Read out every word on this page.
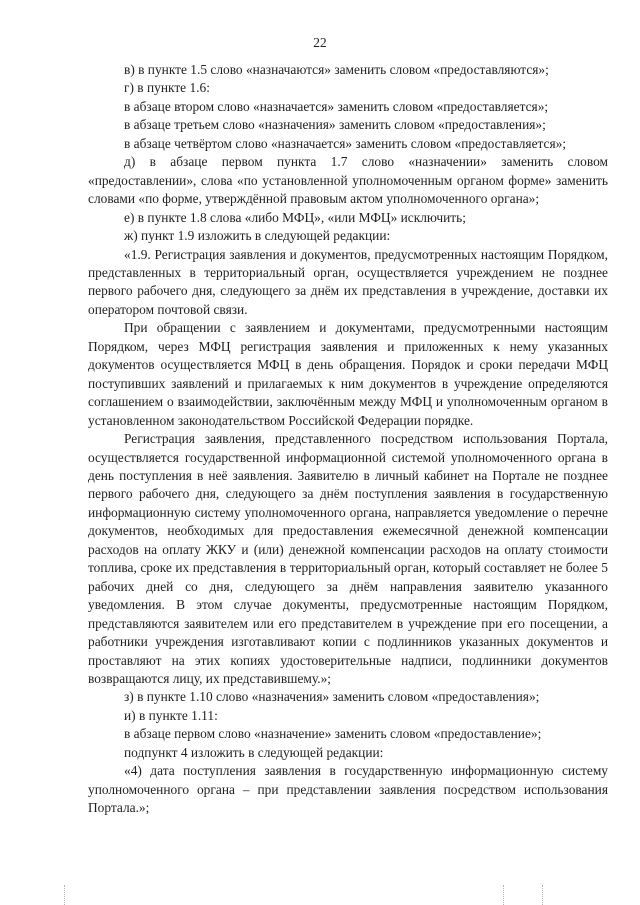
22

в) в пункте 1.5 слово «назначаются» заменить словом «предоставляются»;

г) в пункте 1.6:

в абзаце втором слово «назначается» заменить словом «предоставляется»;

в абзаце третьем слово «назначения» заменить словом «предоставления»;

в абзаце четвёртом слово «назначается» заменить словом «предоставляется»;

д) в абзаце первом пункта 1.7 слово «назначении» заменить словом «предоставлении», слова «по установленной уполномоченным органом форме» заменить словами «по форме, утверждённой правовым актом уполномоченного органа»;

е) в пункте 1.8 слова «либо МФЦ», «или МФЦ» исключить;

ж) пункт 1.9 изложить в следующей редакции:

«1.9. Регистрация заявления и документов, предусмотренных настоящим Порядком, представленных в территориальный орган, осуществляется учреждением не позднее первого рабочего дня, следующего за днём их представления в учреждение, доставки их оператором почтовой связи.

При обращении с заявлением и документами, предусмотренными настоящим Порядком, через МФЦ регистрация заявления и приложенных к нему указанных документов осуществляется МФЦ в день обращения. Порядок и сроки передачи МФЦ поступивших заявлений и прилагаемых к ним документов в учреждение определяются соглашением о взаимодействии, заключённым между МФЦ и уполномоченным органом в установленном законодательством Российской Федерации порядке.

Регистрация заявления, представленного посредством использования Портала, осуществляется государственной информационной системой уполномоченного органа в день поступления в неё заявления. Заявителю в личный кабинет на Портале не позднее первого рабочего дня, следующего за днём поступления заявления в государственную информационную систему уполномоченного органа, направляется уведомление о перечне документов, необходимых для предоставления ежемесячной денежной компенсации расходов на оплату ЖКУ и (или) денежной компенсации расходов на оплату стоимости топлива, сроке их представления в территориальный орган, который составляет не более 5 рабочих дней со дня, следующего за днём направления заявителю указанного уведомления. В этом случае документы, предусмотренные настоящим Порядком, представляются заявителем или его представителем в учреждение при его посещении, а работники учреждения изготавливают копии с подлинников указанных документов и проставляют на этих копиях удостоверительные надписи, подлинники документов возвращаются лицу, их представившему.»;

з) в пункте 1.10 слово «назначения» заменить словом «предоставления»;

и) в пункте 1.11:

в абзаце первом слово «назначение» заменить словом «предоставление»;

подпункт 4 изложить в следующей редакции:

«4) дата поступления заявления в государственную информационную систему уполномоченного органа – при представлении заявления посредством использования Портала.»;
